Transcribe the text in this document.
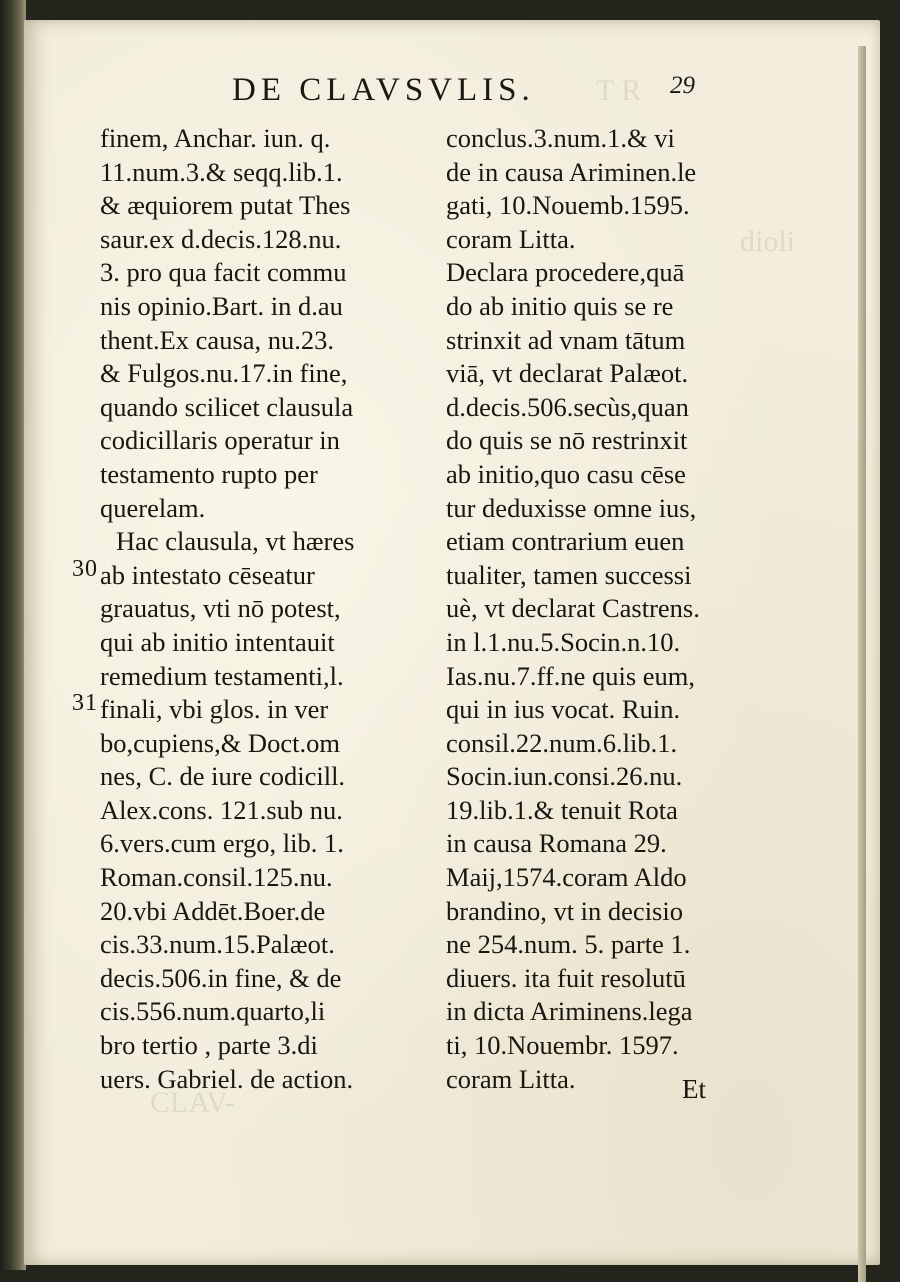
T R
dioli
CLAV-
DE CLAVSVLIS.	29
30
31
finem, Anchar. iun. q.
11.num.3.& seqq.lib.1.
& æquiorem putat Thes
saur.ex d.decis.128.nu.
3. pro qua facit commu
nis opinio.Bart. in d.au
thent.Ex causa, nu.23.
& Fulgos.nu.17.in fine,
quando scilicet clausula
codicillaris operatur in
testamento rupto per
querelam.
Hac clausula, vt hæres
ab intestato cēseatur
grauatus, vti nō potest,
qui ab initio intentauit
remedium testamenti,l.
finali, vbi glos. in ver
bo,cupiens,& Doct.om
nes, C. de iure codicill.
Alex.cons. 121.sub nu.
6.vers.cum ergo, lib. 1.
Roman.consil.125.nu.
20.vbi Addēt.Boer.de
cis.33.num.15.Palæot.
decis.506.in fine, & de
cis.556.num.quarto,li
bro tertio , parte 3.di
uers. Gabriel. de action.
conclus.3.num.1.& vi
de in causa Ariminen.le
gati, 10.Nouemb.1595.
coram Litta.
Declara procedere,quā
do ab initio quis se re
strinxit ad vnam tātum
viā, vt declarat Palæot.
d.decis.506.secùs,quan
do quis se nō restrinxit
ab initio,quo casu cēse
tur deduxisse omne ius,
etiam contrarium euen
tualiter, tamen successi
uè, vt declarat Castrens.
in l.1.nu.5.Socin.n.10.
Ias.nu.7.ff.ne quis eum,
qui in ius vocat. Ruin.
consil.22.num.6.lib.1.
Socin.iun.consi.26.nu.
19.lib.1.& tenuit Rota
in causa Romana 29.
Maij,1574.coram Aldo
brandino, vt in decisio
ne 254.num. 5. parte 1.
diuers. ita fuit resolutū
in dicta Ariminens.lega
ti, 10.Nouembr. 1597.
coram Litta.	Et
